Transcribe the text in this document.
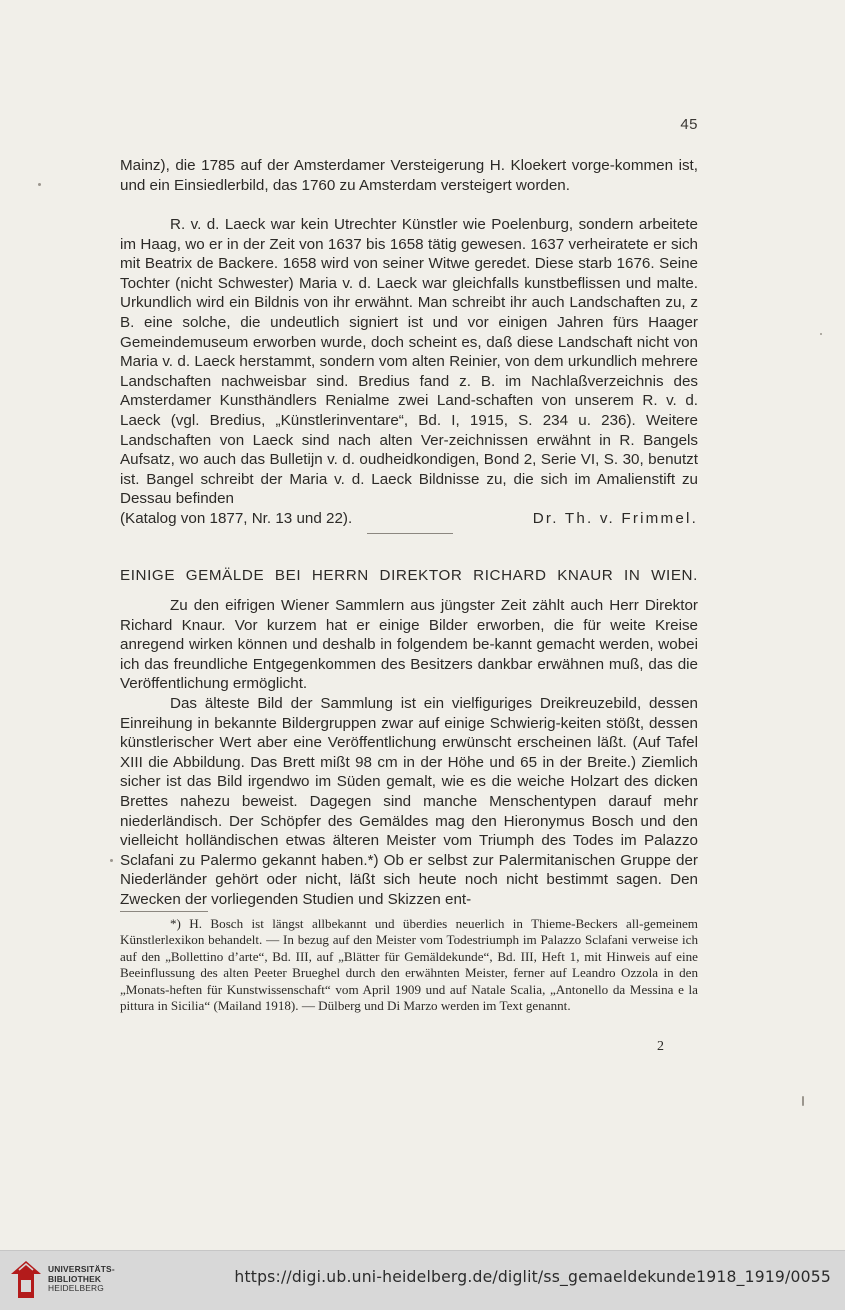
45

Mainz), die 1785 auf der Amsterdamer Versteigerung H. Kloekert vorge-kommen ist, und ein Einsiedlerbild, das 1760 zu Amsterdam versteigert worden.

R. v. d. Laeck war kein Utrechter Künstler wie Poelenburg, sondern arbeitete im Haag, wo er in der Zeit von 1637 bis 1658 tätig gewesen. 1637 verheiratete er sich mit Beatrix de Backere. 1658 wird von seiner Witwe geredet. Diese starb 1676. Seine Tochter (nicht Schwester) Maria v. d. Laeck war gleichfalls kunstbeflissen und malte. Urkundlich wird ein Bildnis von ihr erwähnt. Man schreibt ihr auch Landschaften zu, z B. eine solche, die undeutlich signiert ist und vor einigen Jahren fürs Haager Gemeindemuseum erworben wurde, doch scheint es, daß diese Landschaft nicht von Maria v. d. Laeck herstammt, sondern vom alten Reinier, von dem urkundlich mehrere Landschaften nachweisbar sind. Bredius fand z. B. im Nachlaßverzeichnis des Amsterdamer Kunsthändlers Renialme zwei Land-schaften von unserem R. v. d. Laeck (vgl. Bredius, „Künstlerinventare“, Bd. I, 1915, S. 234 u. 236). Weitere Landschaften von Laeck sind nach alten Ver-zeichnissen erwähnt in R. Bangels Aufsatz, wo auch das Bulletijn v. d. oudheidkondigen, Bond 2, Serie VI, S. 30, benutzt ist. Bangel schreibt der Maria v. d. Laeck Bildnisse zu, die sich im Amalienstift zu Dessau befinden

(Katalog von 1877, Nr. 13 und 22).	Dr. Th. v. Frimmel.
EINIGE GEMÄLDE BEI HERRN DIREKTOR RICHARD KNAUR IN WIEN.

Zu den eifrigen Wiener Sammlern aus jüngster Zeit zählt auch Herr Direktor Richard Knaur. Vor kurzem hat er einige Bilder erworben, die für weite Kreise anregend wirken können und deshalb in folgendem be-kannt gemacht werden, wobei ich das freundliche Entgegenkommen des Besitzers dankbar erwähnen muß, das die Veröffentlichung ermöglicht.

Das älteste Bild der Sammlung ist ein vielfiguriges Dreikreuzebild, dessen Einreihung in bekannte Bildergruppen zwar auf einige Schwierig-keiten stößt, dessen künstlerischer Wert aber eine Veröffentlichung erwünscht erscheinen läßt. (Auf Tafel XIII die Abbildung. Das Brett mißt 98 cm in der Höhe und 65 in der Breite.) Ziemlich sicher ist das Bild irgendwo im Süden gemalt, wie es die weiche Holzart des dicken Brettes nahezu beweist. Dagegen sind manche Menschentypen darauf mehr niederländisch. Der Schöpfer des Gemäldes mag den Hieronymus Bosch und den vielleicht holländischen etwas älteren Meister vom Triumph des Todes im Palazzo Sclafani zu Palermo gekannt haben.*) Ob er selbst zur Palermitanischen Gruppe der Niederländer gehört oder nicht, läßt sich heute noch nicht bestimmt sagen. Den Zwecken der vorliegenden Studien und Skizzen ent-

*) H. Bosch ist längst allbekannt und überdies neuerlich in Thieme-Beckers all-gemeinem Künstlerlexikon behandelt. — In bezug auf den Meister vom Todestriumph im Palazzo Sclafani verweise ich auf den „Bollettino d’arte“, Bd. III, auf „Blätter für Gemäldekunde“, Bd. III, Heft 1, mit Hinweis auf eine Beeinflussung des alten Peeter Brueghel durch den erwähnten Meister, ferner auf Leandro Ozzola in den „Monats-heften für Kunstwissenschaft“ vom April 1909 und auf Natale Scalia, „Antonello da Messina e la pittura in Sicilia“ (Mailand 1918). — Dülberg und Di Marzo werden im Text genannt.

2
UNIVERSITÄTS-
BIBLIOTHEK
HEIDELBERG
https://digi.ub.uni-heidelberg.de/diglit/ss_gemaeldekunde1918_1919/0055
